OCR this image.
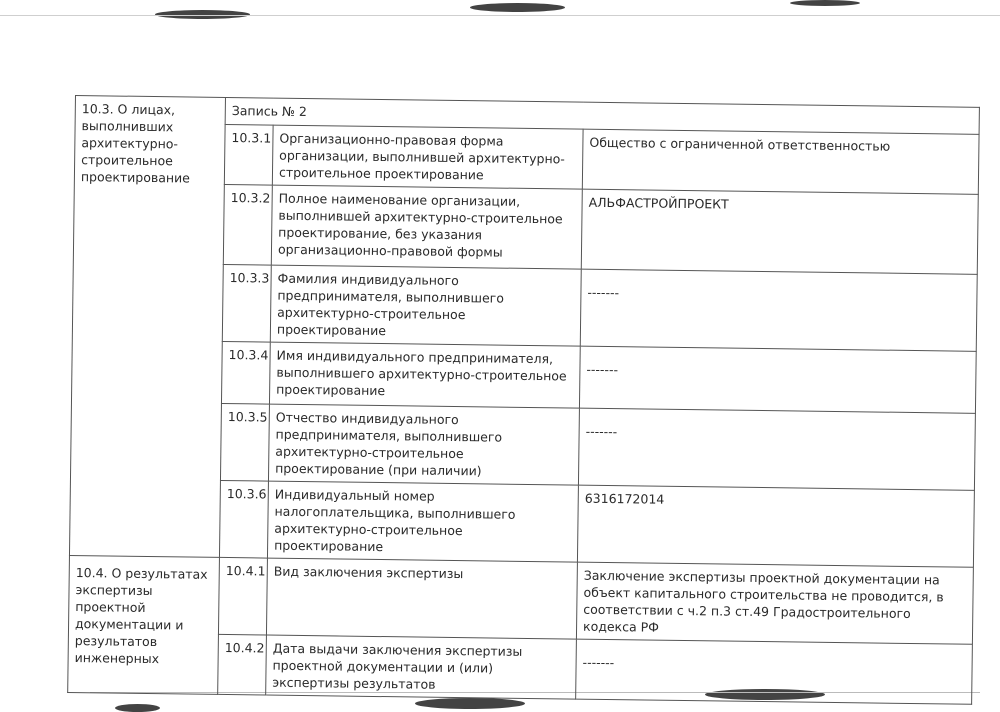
10.3. О лицах, выполнивших архитектурно-строительное проектирование	Запись № 2		
	10.3.1	Организационно-правовая форма организации, выполнившей архитектурно-строительное проектирование	Общество с ограниченной ответственностью
	10.3.2	Полное наименование организации, выполнившей архитектурно-строительное проектирование, без указания организационно-правовой формы	АЛЬФАСТРОЙПРОЕКТ
	10.3.3	Фамилия индивидуального предпринимателя, выполнившего архитектурно-строительное проектирование	-------
	10.3.4	Имя индивидуального предпринимателя, выполнившего архитектурно-строительное проектирование	-------
	10.3.5	Отчество индивидуального предпринимателя, выполнившего архитектурно-строительное проектирование (при наличии)	-------
	10.3.6	Индивидуальный номер налогоплательщика, выполнившего архитектурно-строительное проектирование	6316172014
10.4. О результатах экспертизы проектной документации и результатов инженерных	10.4.1	Вид заключения экспертизы	Заключение экспертизы проектной документации на объект капитального строительства не проводится, в соответствии с ч.2 п.3 ст.49 Градостроительного кодекса РФ
	10.4.2	Дата выдачи заключения экспертизы проектной документации и (или) экспертизы результатов	-------
